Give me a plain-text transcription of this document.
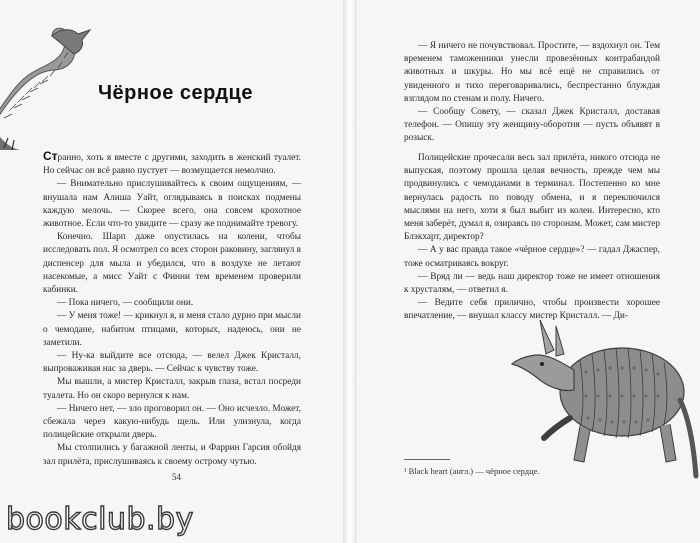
Чёрное сердце

Странно, хоть я вместе с другими, заходить в женский туалет. Но сейчас он всё равно пустует — возмущается немолчно.

— Внимательно прислушивайтесь к своим ощущениям, — внушала нам Алиша Уайт, оглядываясь в поисках подмены каждую мелочь. — Скорее всего, она совсем крохотное животное. Если что-то увидите — сразу же поднимайте тревогу.

Конечно. Шарп даже опустилась на колени, чтобы исследовать пол. Я осмотрел со всех сторон раковину, заглянул в диспенсер для мыла и убедился, что в воздухе не летают насекомые, а мисс Уайт с Финни тем временем проверили кабинки.

— Пока ничего, — сообщили они.

— У меня тоже! — крикнул я, и меня стало дурно при мысли о чемодане, набитом птицами, которых, надеюсь, они не заметили.

— Ну-ка выйдите все отсюда, — велел Джек Кристалл, выпроваживая нас за дверь. — Сейчас к чувству тоже.

Мы вышли, а мистер Кристалл, закрыв глаза, встал посреди туалета. Но он скоро вернулся к нам.

— Ничего нет, — зло проговорил он. — Оно исчезло. Может, сбежала через какую-нибудь щель. Или улизнула, когда полицейские открыли дверь.

Мы столпились у багажной ленты, и Фаррин Гарсия обойдя зал прилёта, прислушиваясь к своему острому чутью.

54

— Я ничего не почувствовал. Простите, — вздохнул он. Тем временем таможенники унесли провезённых контрабандой животных и шкуры. Но мы всё ещё не справились от увиденного и тихо переговаривались, беспрестанно блуждая взглядом по стенам и полу. Ничего.

— Сообщу Совету, — сказал Джек Кристалл, доставая телефон. — Опишу эту женщину-оборотня — пусть объявят в розыск.

Полицейские прочесали весь зал прилёта, никого отсюда не выпуская, поэтому прошла целая вечность, прежде чем мы продвинулись с чемоданами в терминал. Постепенно ко мне вернулась радость по поводу обмена, и я переключился мыслями на него, хоти я был выбит из колеи. Интересно, кто меня заберёт, думал я, озираясь по сторонам. Может, сам мистер Блэкхарт, директор?

— А у вас правда такое «чёрное сердце»? — гадал Джаспер, тоже осматриваясь вокруг.

— Вряд ли — ведь наш директор тоже не имеет отношения к хрусталям, — ответил я.

— Ведите себя прилично, чтобы произвести хорошее впечатление, — внушал классу мистер Кристалл. — Ди-

¹ Black heart (англ.) — чёрное сердце.
bookclub.by
